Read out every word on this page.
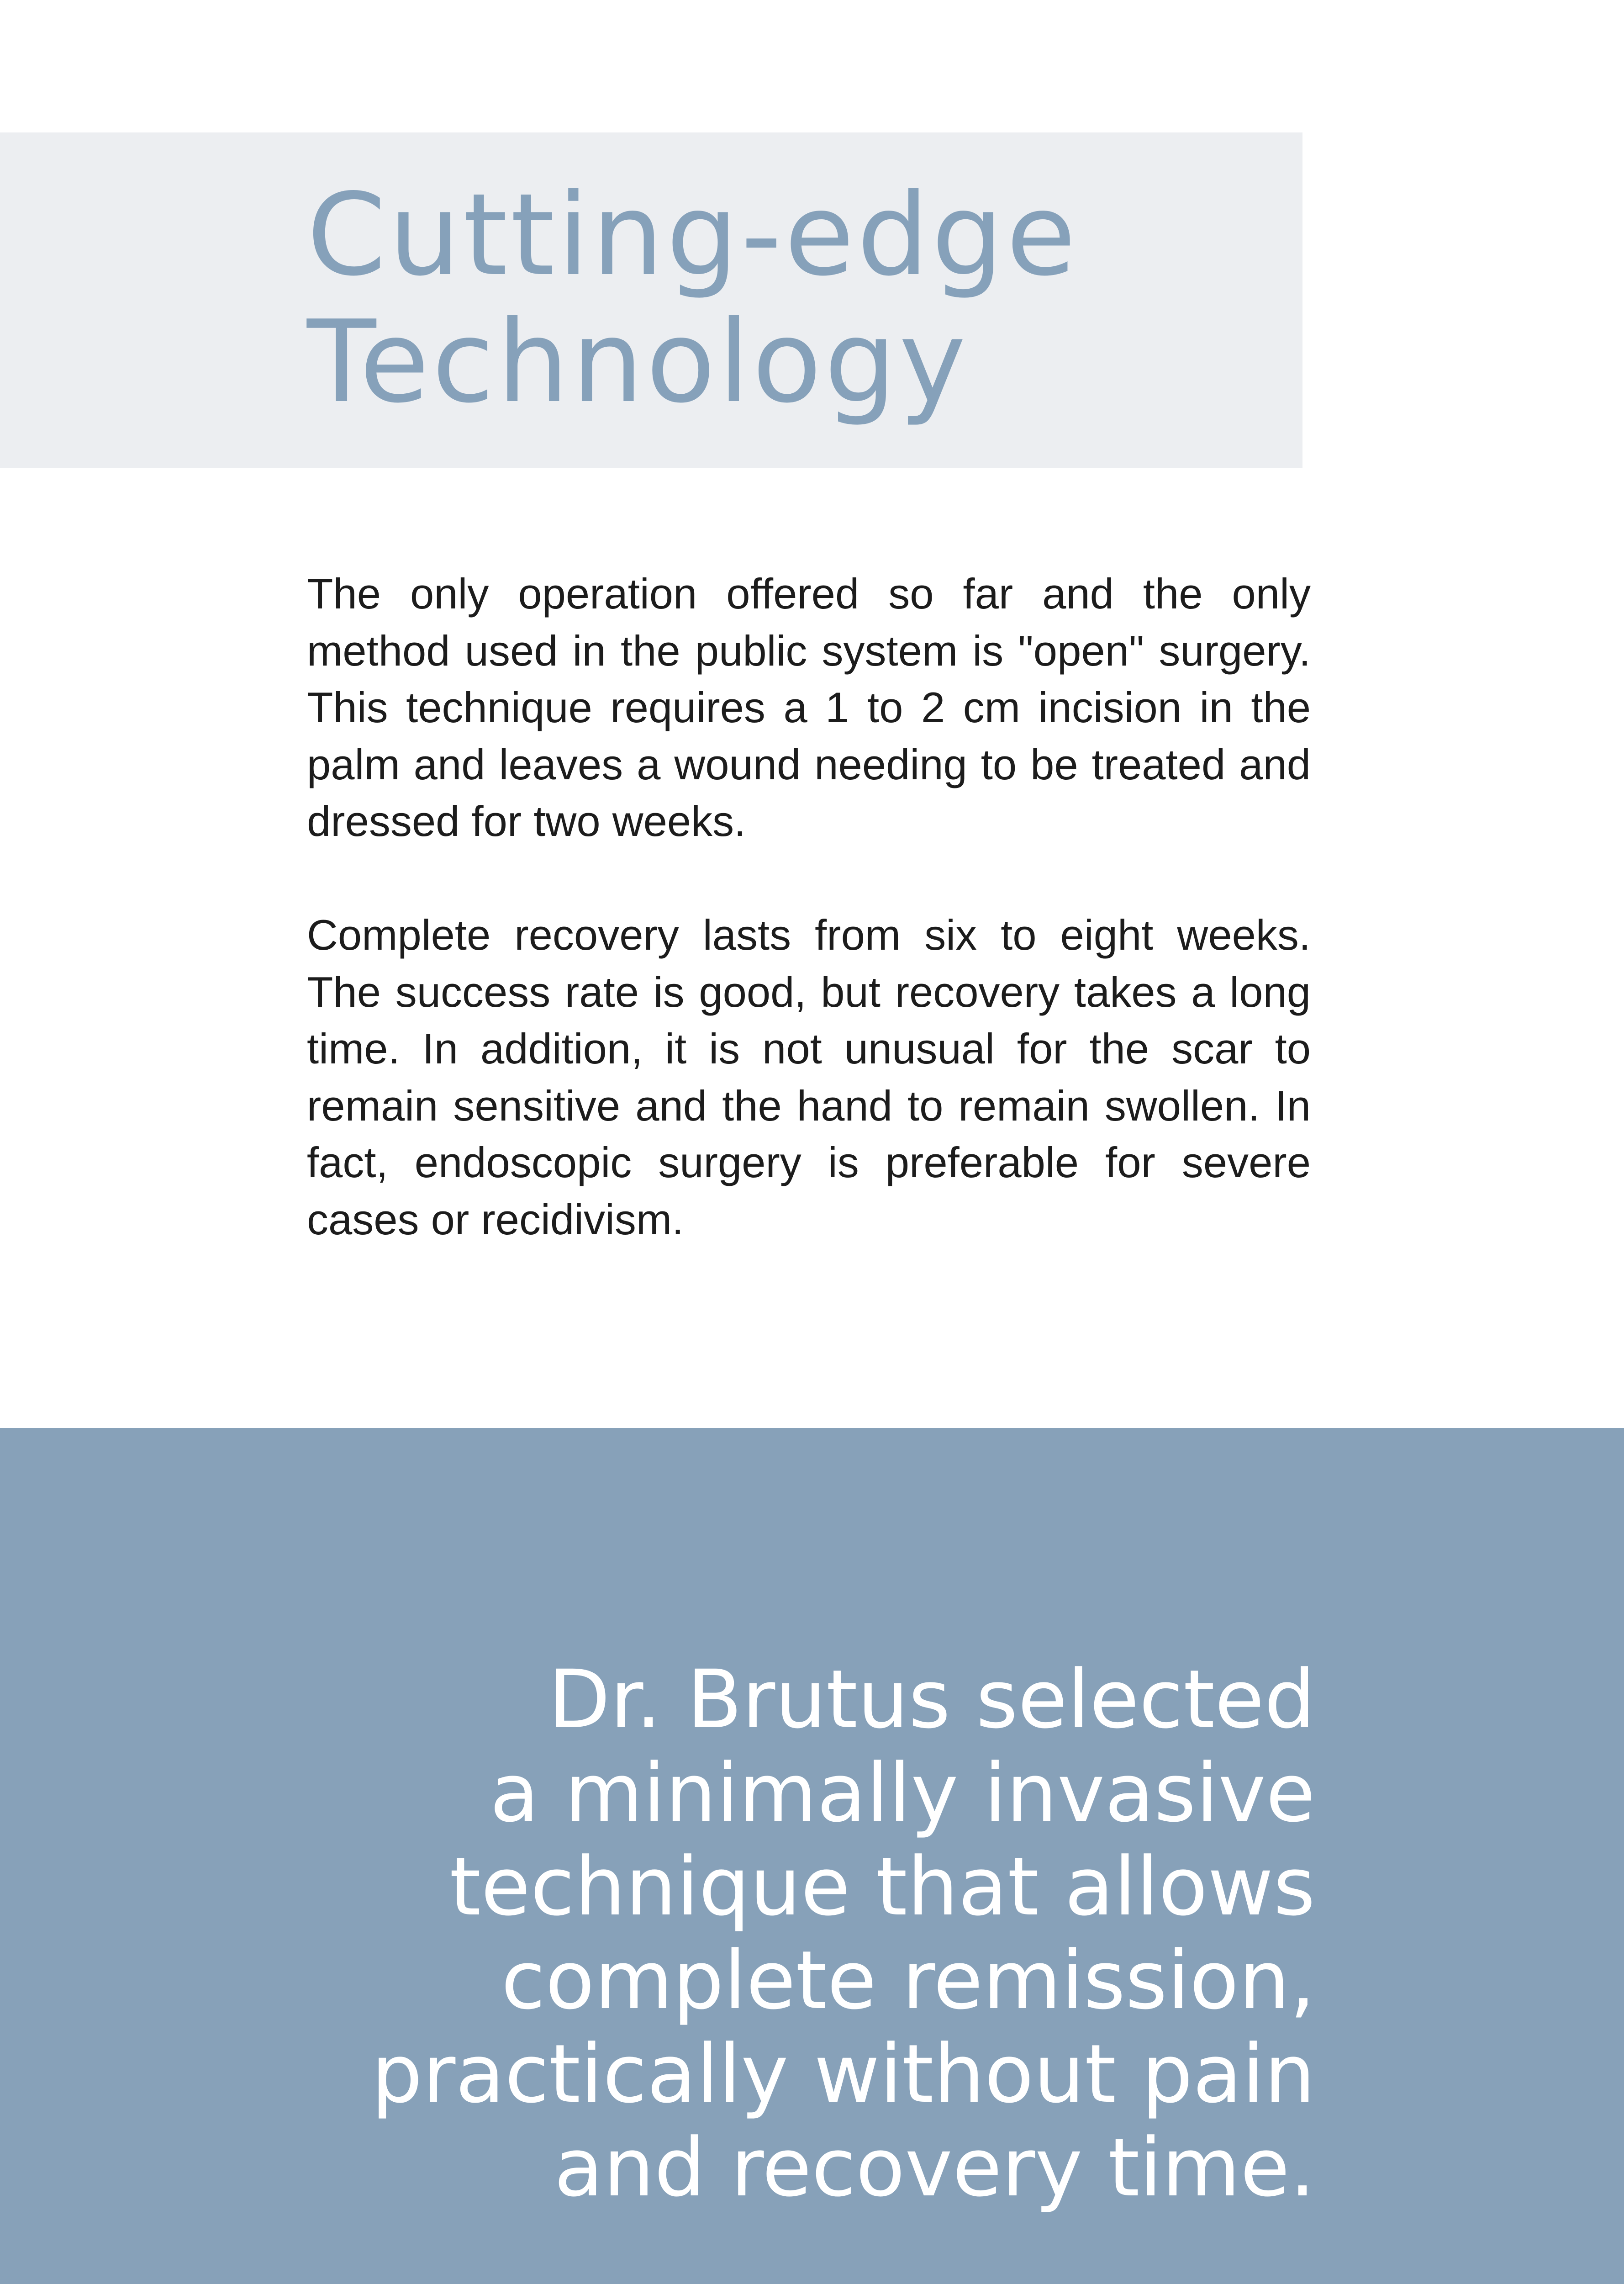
Cutting-edge
Technology

The only operation offered so far and the only method used in the public system is "open" surgery. This technique requires a 1 to 2 cm incision in the palm and leaves a wound needing to be treated and dressed for two weeks.

Complete recovery lasts from six to eight weeks. The success rate is good, but recovery takes a long time. In addition, it is not unusual for the scar to remain sensitive and the hand to remain swollen. In fact, endoscopic surgery is preferable for severe cases or recidivism.

Dr. Brutus selected
a minimally invasive
technique that allows
complete remission,
practically without pain
and recovery time.
